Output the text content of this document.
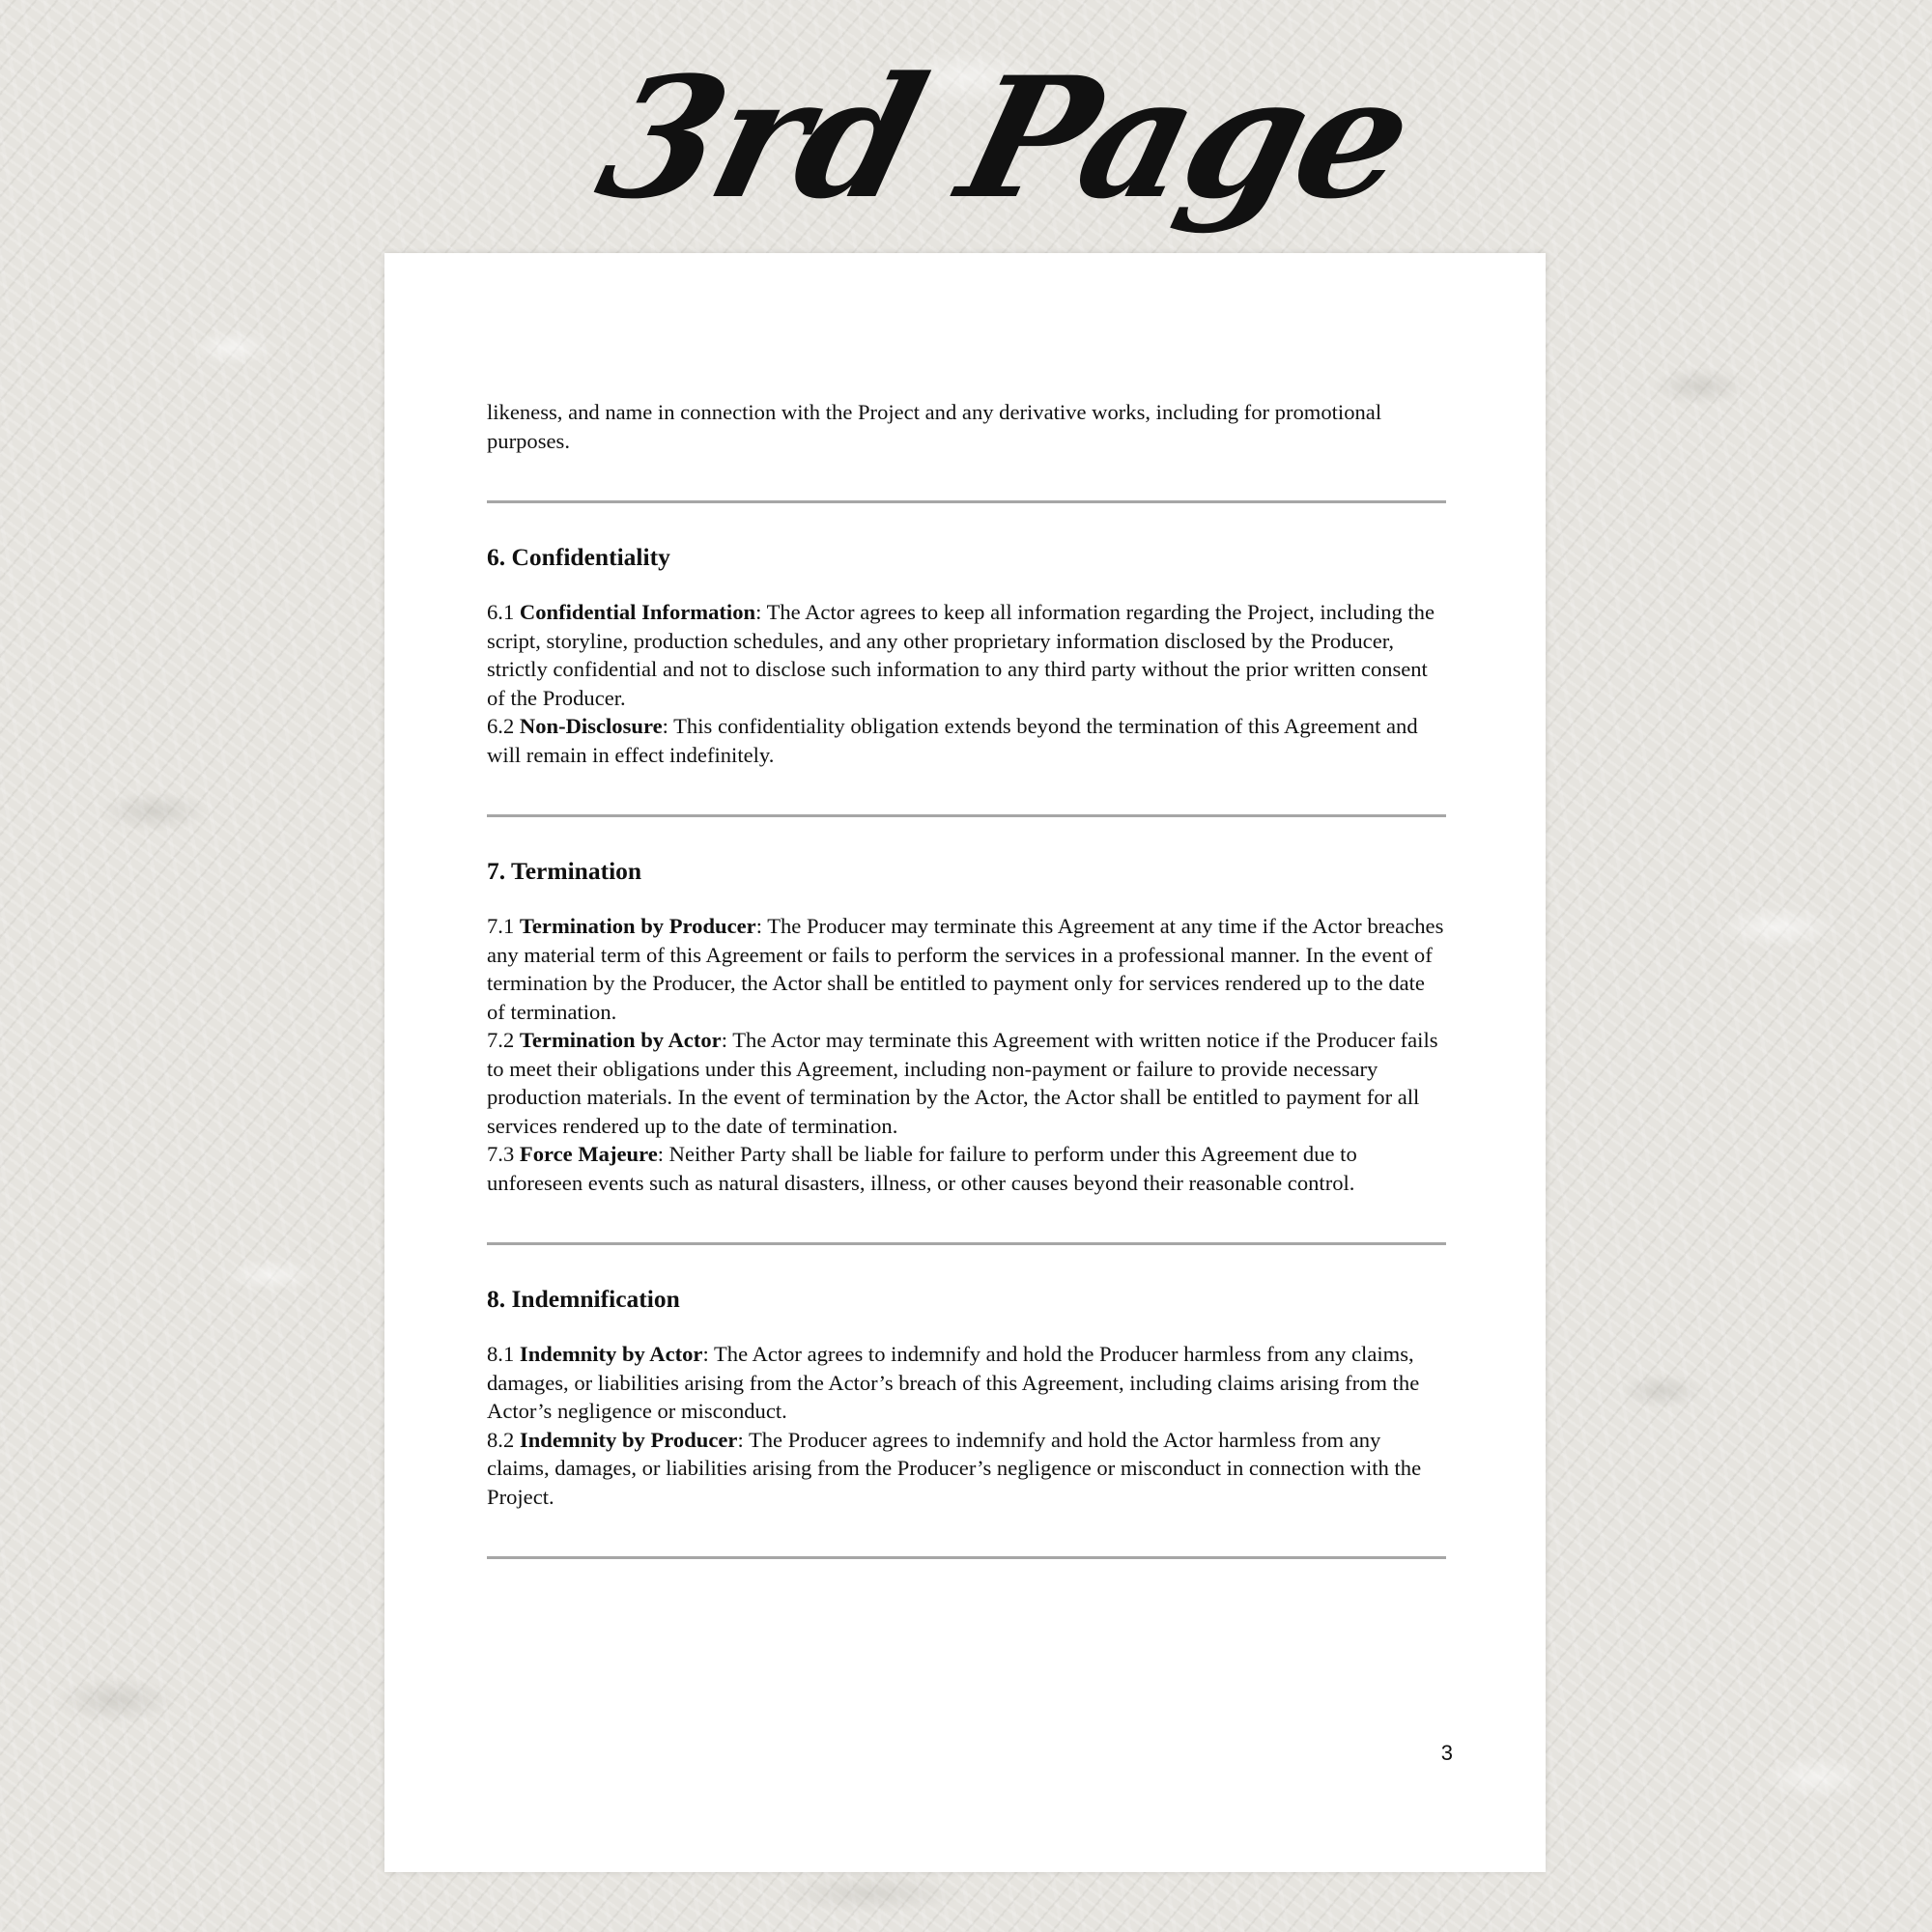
3rd Page

likeness, and name in connection with the Project and any derivative works, including for promotional purposes.

6. Confidentiality

6.1 Confidential Information: The Actor agrees to keep all information regarding the Project, including the script, storyline, production schedules, and any other proprietary information disclosed by the Producer, strictly confidential and not to disclose such information to any third party without the prior written consent of the Producer.

6.2 Non-Disclosure: This confidentiality obligation extends beyond the termination of this Agreement and will remain in effect indefinitely.

7. Termination

7.1 Termination by Producer: The Producer may terminate this Agreement at any time if the Actor breaches any material term of this Agreement or fails to perform the services in a professional manner. In the event of termination by the Producer, the Actor shall be entitled to payment only for services rendered up to the date of termination.

7.2 Termination by Actor: The Actor may terminate this Agreement with written notice if the Producer fails to meet their obligations under this Agreement, including non-payment or failure to provide necessary production materials. In the event of termination by the Actor, the Actor shall be entitled to payment for all services rendered up to the date of termination.

7.3 Force Majeure: Neither Party shall be liable for failure to perform under this Agreement due to unforeseen events such as natural disasters, illness, or other causes beyond their reasonable control.

8. Indemnification

8.1 Indemnity by Actor: The Actor agrees to indemnify and hold the Producer harmless from any claims, damages, or liabilities arising from the Actor’s breach of this Agreement, including claims arising from the Actor’s negligence or misconduct.

8.2 Indemnity by Producer: The Producer agrees to indemnify and hold the Actor harmless from any claims, damages, or liabilities arising from the Producer’s negligence or misconduct in connection with the Project.

3
